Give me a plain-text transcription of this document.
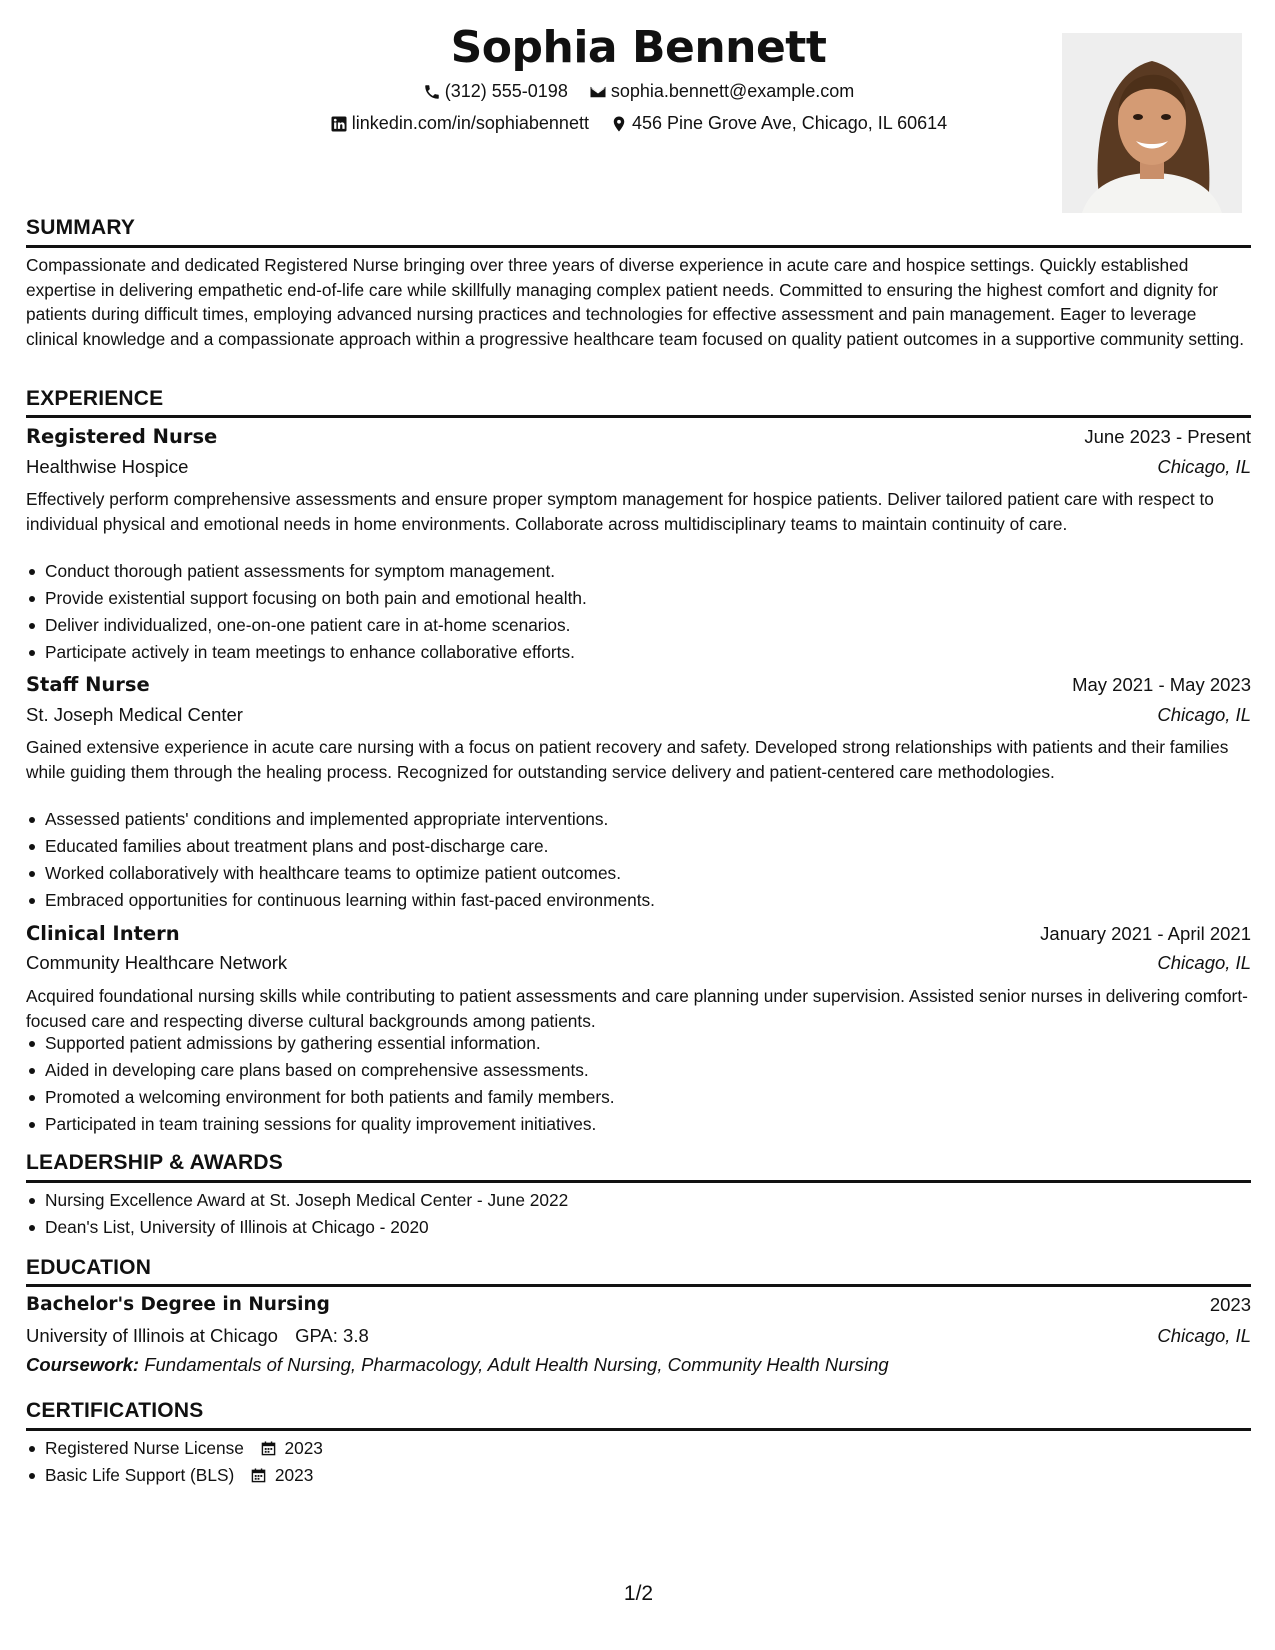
Sophia Bennett
(312) 555-0198
sophia.bennett@example.com
linkedin.com/in/sophiabennett
456 Pine Grove Ave, Chicago, IL 60614
SUMMARY
Compassionate and dedicated Registered Nurse bringing over three years of diverse experience in acute care and hospice settings. Quickly established expertise in delivering empathetic end-of-life care while skillfully managing complex patient needs. Committed to ensuring the highest comfort and dignity for patients during difficult times, employing advanced nursing practices and technologies for effective assessment and pain management. Eager to leverage clinical knowledge and a compassionate approach within a progressive healthcare team focused on quality patient outcomes in a supportive community setting.
EXPERIENCE
Registered Nurse	June 2023 - Present
Healthwise Hospice	Chicago, IL
Effectively perform comprehensive assessments and ensure proper symptom management for hospice patients. Deliver tailored patient care with respect to individual physical and emotional needs in home environments. Collaborate across multidisciplinary teams to maintain continuity of care.
Conduct thorough patient assessments for symptom management.
Provide existential support focusing on both pain and emotional health.
Deliver individualized, one-on-one patient care in at-home scenarios.
Participate actively in team meetings to enhance collaborative efforts.
Staff Nurse	May 2021 - May 2023
St. Joseph Medical Center	Chicago, IL
Gained extensive experience in acute care nursing with a focus on patient recovery and safety. Developed strong relationships with patients and their families while guiding them through the healing process. Recognized for outstanding service delivery and patient-centered care methodologies.
Assessed patients' conditions and implemented appropriate interventions.
Educated families about treatment plans and post-discharge care.
Worked collaboratively with healthcare teams to optimize patient outcomes.
Embraced opportunities for continuous learning within fast-paced environments.
Clinical Intern	January 2021 - April 2021
Community Healthcare Network	Chicago, IL
Acquired foundational nursing skills while contributing to patient assessments and care planning under supervision. Assisted senior nurses in delivering comfort-focused care and respecting diverse cultural backgrounds among patients.
Supported patient admissions by gathering essential information.
Aided in developing care plans based on comprehensive assessments.
Promoted a welcoming environment for both patients and family members.
Participated in team training sessions for quality improvement initiatives.
LEADERSHIP & AWARDS
Nursing Excellence Award at St. Joseph Medical Center - June 2022
Dean's List, University of Illinois at Chicago - 2020
EDUCATION
Bachelor's Degree in Nursing	2023
University of Illinois at Chicago GPA: 3.8	Chicago, IL
Coursework: Fundamentals of Nursing, Pharmacology, Adult Health Nursing, Community Health Nursing
CERTIFICATIONS
Registered Nurse License 2023
Basic Life Support (BLS) 2023
1/2
